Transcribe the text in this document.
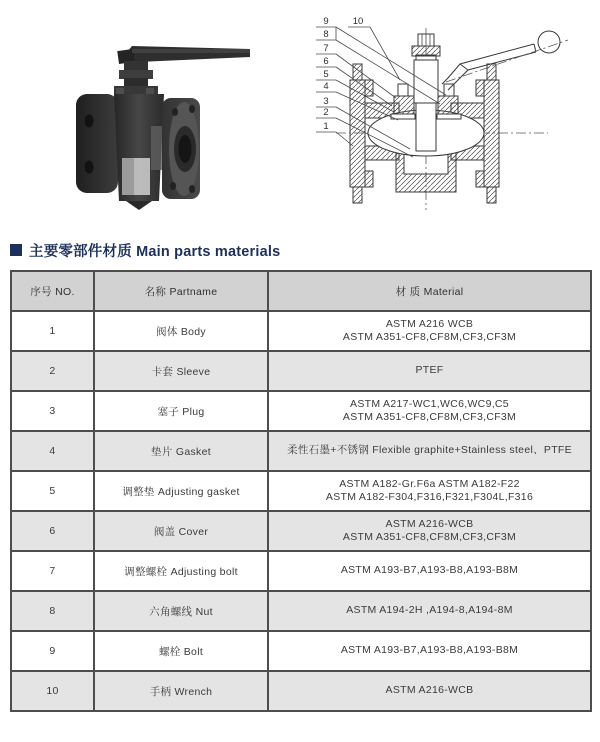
9	10
8
7
6
5
4
3
2
1
主要零部件材质 Main parts materials
序号 NO.	名称 Partname	材 质 Material
1	阀体 Body	ASTM A216 WCB
ASTM A351-CF8,CF8M,CF3,CF3M

2	卡套 Sleeve	PTEF

3	塞子 Plug	ASTM A217-WC1,WC6,WC9,C5
ASTM A351-CF8,CF8M,CF3,CF3M

4	垫片 Gasket	柔性石墨+不锈钢 Flexible graphite+Stainless steel、PTFE

5	调整垫 Adjusting gasket	ASTM A182-Gr.F6a ASTM A182-F22
ASTM A182-F304,F316,F321,F304L,F316

6	阀盖 Cover	ASTM A216-WCB
ASTM A351-CF8,CF8M,CF3,CF3M

7	调整螺栓 Adjusting bolt	ASTM A193-B7,A193-B8,A193-B8M

8	六角螺线 Nut	ASTM A194-2H ,A194-8,A194-8M

9	螺栓 Bolt	ASTM A193-B7,A193-B8,A193-B8M

10	手柄 Wrench	ASTM A216-WCB
